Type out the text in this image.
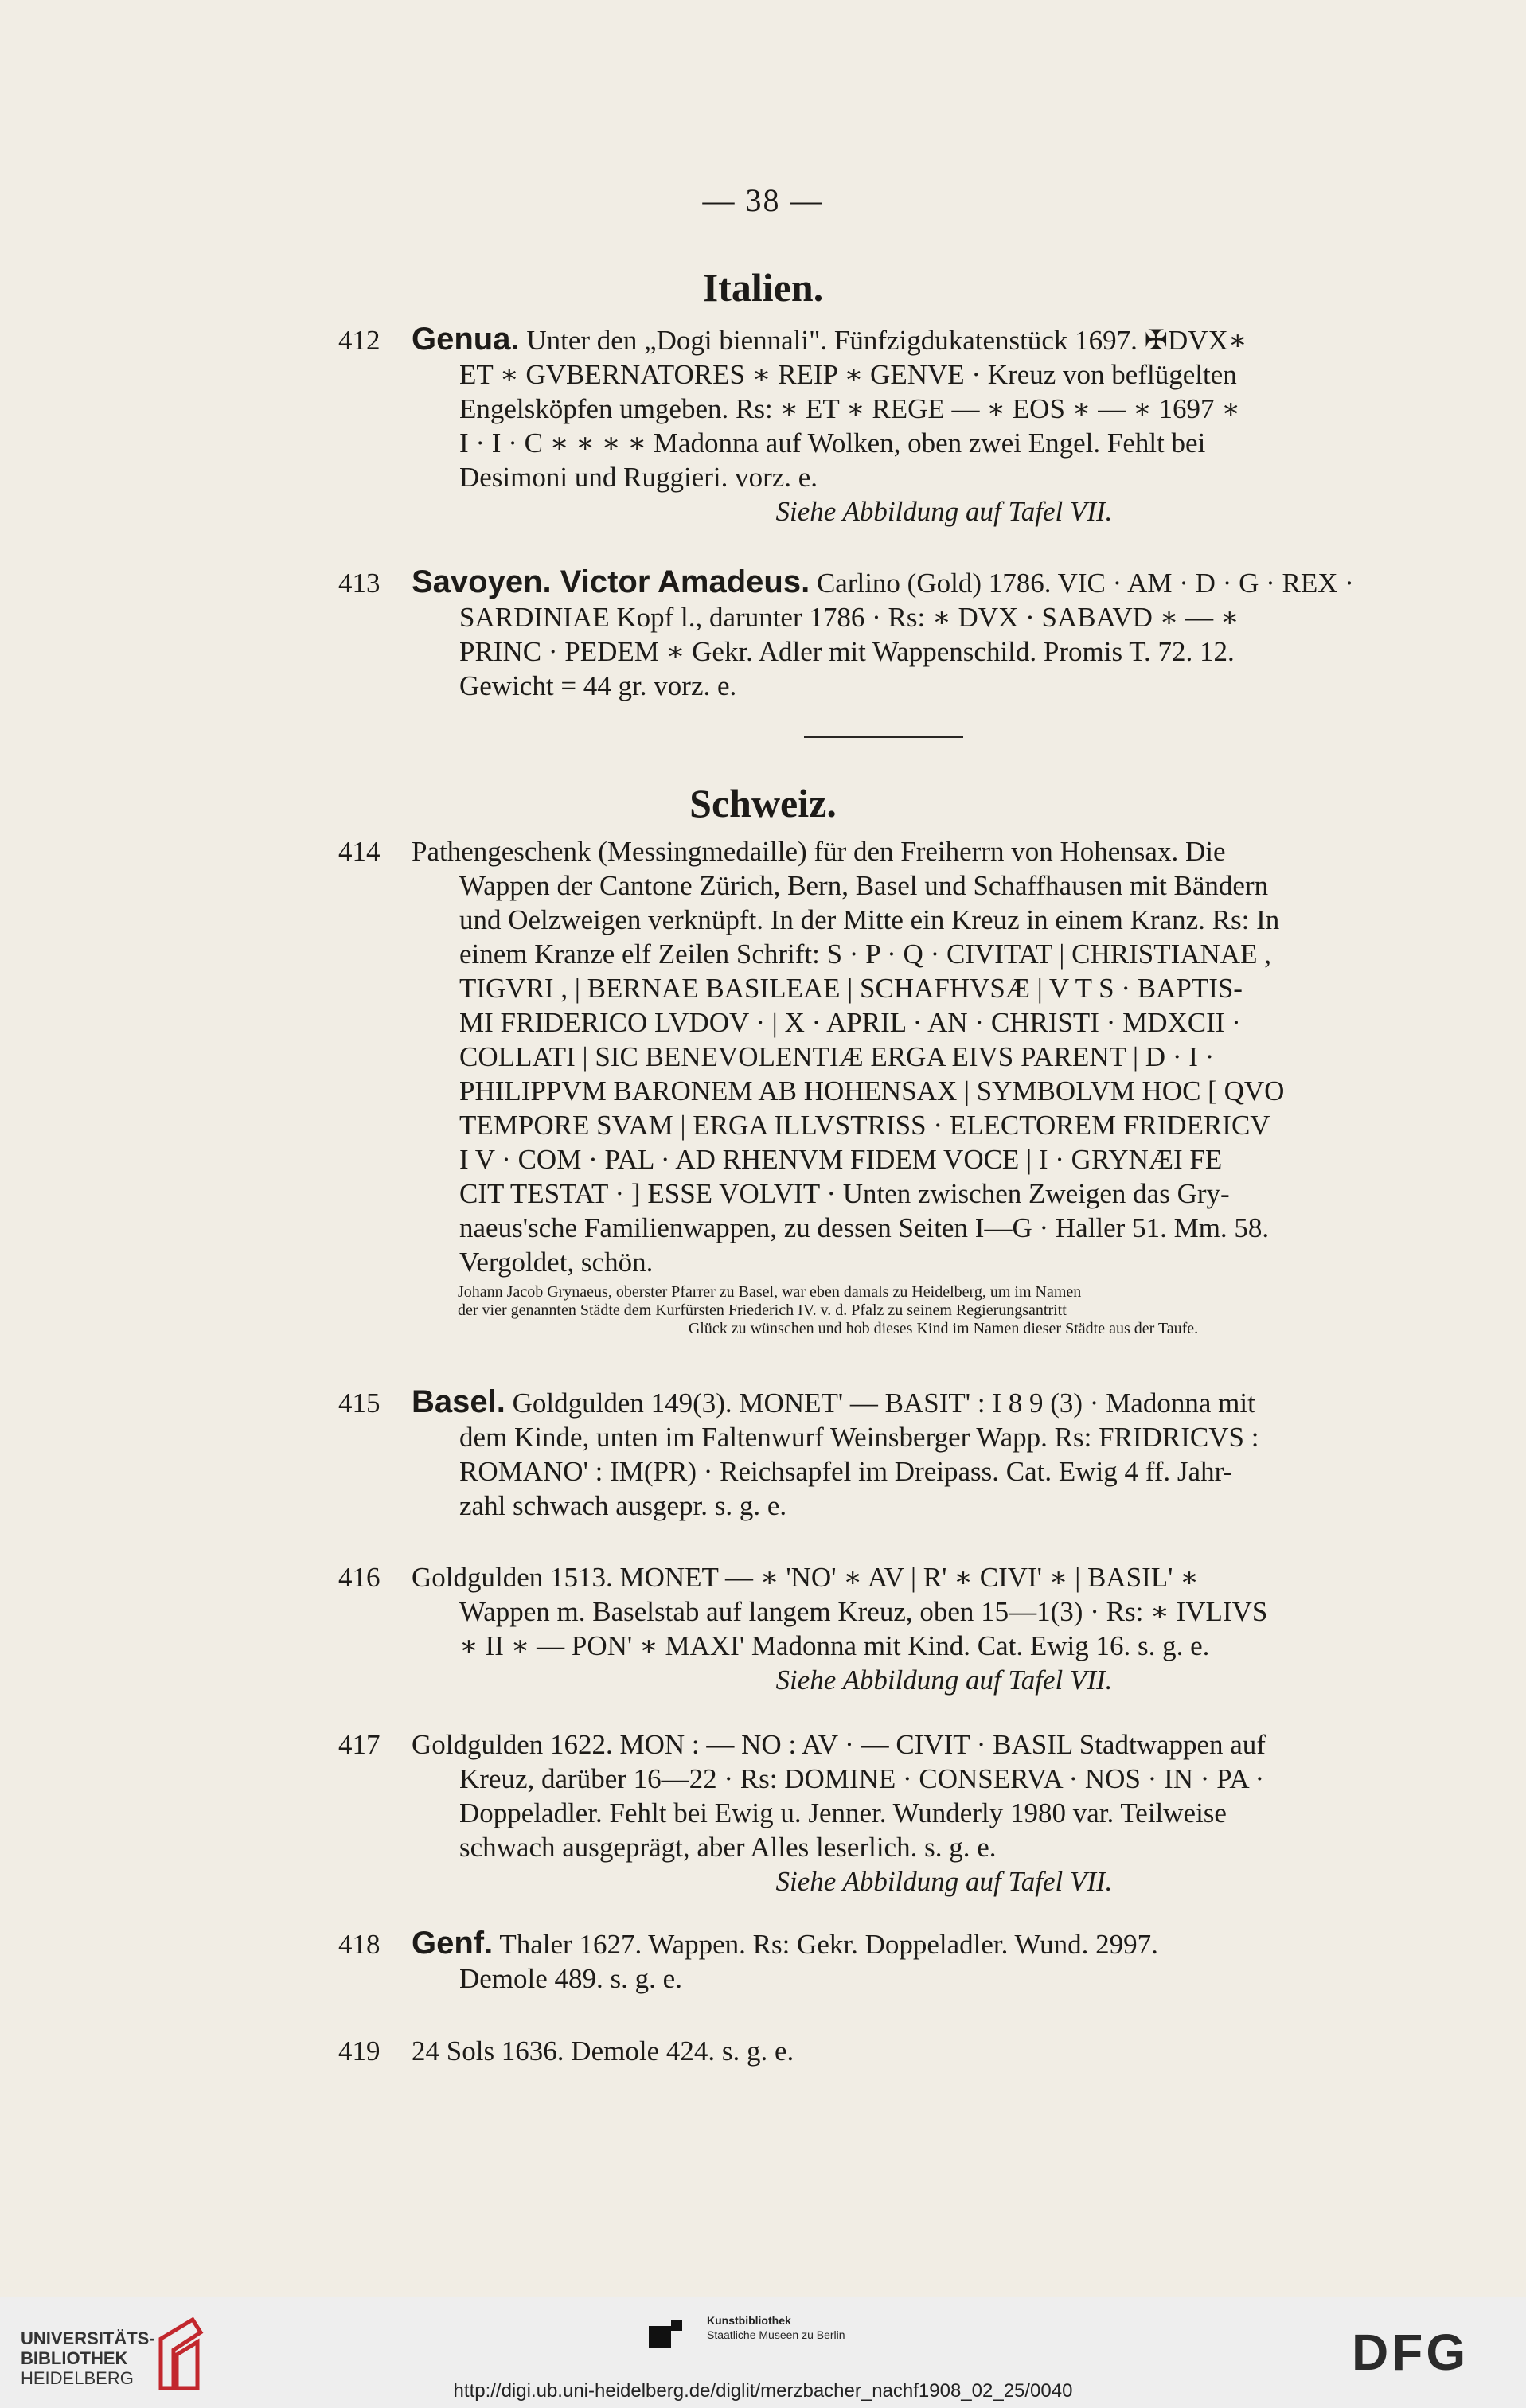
— 38 —
Italien.
412 Genua. Unter den „Dogi biennali". Fünfzigdukatenstück 1697. ✠DVX∗
ET ∗ GVBERNATORES ∗ REIP ∗ GENVE · Kreuz von beflügelten
Engelsköpfen umgeben. Rs: ∗ ET ∗ REGE — ∗ EOS ∗ — ∗ 1697 ∗
I · I · C ∗ ∗ ∗ ∗ Madonna auf Wolken, oben zwei Engel. Fehlt bei
Desimoni und Ruggieri. vorz. e.
Siehe Abbildung auf Tafel VII.
413 Savoyen. Victor Amadeus. Carlino (Gold) 1786. VIC · AM · D · G · REX ·
SARDINIAE Kopf l., darunter 1786 · Rs: ∗ DVX · SABAVD ∗ — ∗
PRINC · PEDEM ∗ Gekr. Adler mit Wappenschild. Promis T. 72. 12.
Gewicht = 44 gr. vorz. e.
Schweiz.
414 Pathengeschenk (Messingmedaille) für den Freiherrn von Hohensax. Die
Wappen der Cantone Zürich, Bern, Basel und Schaffhausen mit Bändern
und Oelzweigen verknüpft. In der Mitte ein Kreuz in einem Kranz. Rs: In
einem Kranze elf Zeilen Schrift: S · P · Q · CIVITAT | CHRISTIANAE ,
TIGVRI , | BERNAE BASILEAE | SCHAFHVSÆ | V T S · BAPTIS-
MI FRIDERICO LVDOV · | X · APRIL · AN · CHRISTI · MDXCII ·
COLLATI | SIC BENEVOLENTIÆ ERGA EIVS PARENT | D · I ·
PHILIPPVM BARONEM AB HOHENSAX | SYMBOLVM HOC [ QVO
TEMPORE SVAM | ERGA ILLVSTRISS · ELECTOREM FRIDERICV
I V · COM · PAL · AD RHENVM FIDEM VOCE | I · GRYNÆI FE
CIT TESTAT · ] ESSE VOLVIT · Unten zwischen Zweigen das Gry-
naeus'sche Familienwappen, zu dessen Seiten I—G · Haller 51. Mm. 58.
Vergoldet, schön.
Johann Jacob Grynaeus, oberster Pfarrer zu Basel, war eben damals zu Heidelberg, um im Namen
der vier genannten Städte dem Kurfürsten Friederich IV. v. d. Pfalz zu seinem Regierungsantritt
Glück zu wünschen und hob dieses Kind im Namen dieser Städte aus der Taufe.
415 Basel. Goldgulden 149(3). MONET' — BASIT' : I 8 9 (3) · Madonna mit
dem Kinde, unten im Faltenwurf Weinsberger Wapp. Rs: FRIDRICVS :
ROMANO' : IM(PR) · Reichsapfel im Dreipass. Cat. Ewig 4 ff. Jahr-
zahl schwach ausgepr. s. g. e.
416 Goldgulden 1513. MONET — ∗ 'NO' ∗ AV | R' ∗ CIVI' ∗ | BASIL' ∗
Wappen m. Baselstab auf langem Kreuz, oben 15—1(3) · Rs: ∗ IVLIVS
∗ II ∗ — PON' ∗ MAXI' Madonna mit Kind. Cat. Ewig 16. s. g. e.
Siehe Abbildung auf Tafel VII.
417 Goldgulden 1622. MON : — NO : AV · — CIVIT · BASIL Stadtwappen auf
Kreuz, darüber 16—22 · Rs: DOMINE · CONSERVA · NOS · IN · PA ·
Doppeladler. Fehlt bei Ewig u. Jenner. Wunderly 1980 var. Teilweise
schwach ausgeprägt, aber Alles leserlich. s. g. e.
Siehe Abbildung auf Tafel VII.
418 Genf. Thaler 1627. Wappen. Rs: Gekr. Doppeladler. Wund. 2997.
Demole 489. s. g. e.
419 24 Sols 1636. Demole 424. s. g. e.
UNIVERSITÄTS-
BIBLIOTHEK
HEIDELBERG
Kunstbibliothek
Staatliche Museen zu Berlin	DFG
http://digi.ub.uni-heidelberg.de/diglit/merzbacher_nachf1908_02_25/0040
